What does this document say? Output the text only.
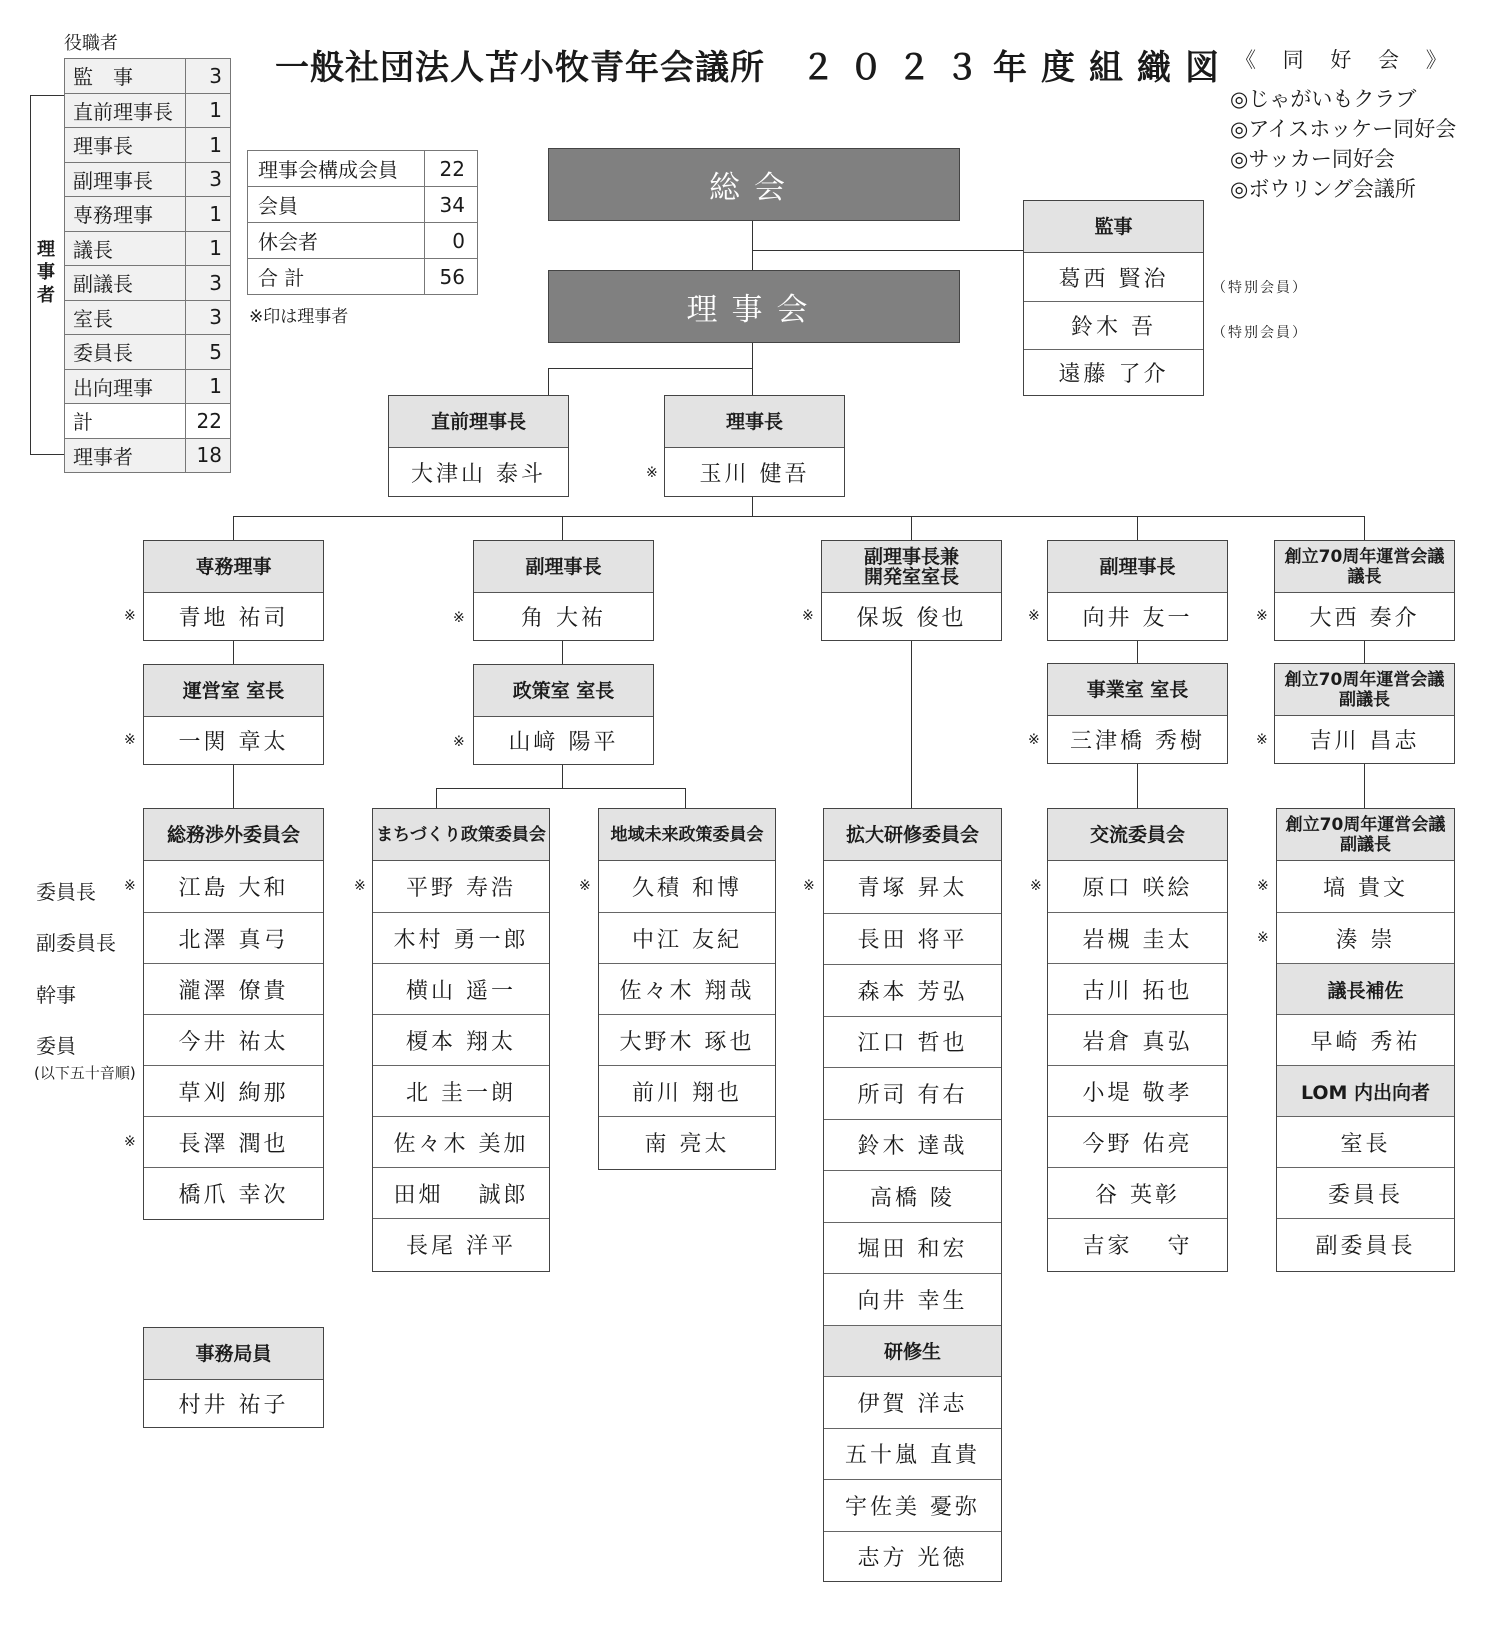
一般社団法人苫小牧青年会議所 ２０２３年度組織図 《 同 好 会 》
◎じゃがいもクラブ
◎アイスホッケー同好会
◎サッカー同好会
◎ボウリング会議所
役職者
監　事	3
直前理事長	1
理事長	1
副理事長	3
専務理事	1
議長	1
副議長	3
室長	3
委員長	5
出向理事	1
計	22
理事者	18
理事者
理事会構成会員	22
会員	34
休会者	0
合 計	56
※印は理事者
総会
理事会
監事
葛西 賢治
鈴木 吾
遠藤 了介
（特別会員）
（特別会員）
直前理事長
大津山 泰斗
理事長
玉川 健吾
※
専務理事
青地 祐司
副理事長
角 大祐
副理事長兼
開発室室長
保坂 俊也
副理事長
向井 友一
創立70周年運営会議
議長
大西 奏介
※	※	※	※	※
運営室 室長
一関 章太
政策室 室長
山﨑 陽平
事業室 室長
三津橋 秀樹
創立70周年運営会議
副議長
吉川 昌志
※	※	※	※
委員長
副委員長
幹事
委員
(以下五十音順)
総務渉外委員会
江島 大和
北澤 真弓
瀧澤 僚貴
今井 祐太
草刈 絢那
長澤 潤也
橋爪 幸次
まちづくり政策委員会
平野 寿浩
木村 勇一郎
横山 遥一
榎本 翔太
北 圭一朗
佐々木 美加
田畑　 誠郎
長尾 洋平
地域未来政策委員会
久積 和博
中江 友紀
佐々木 翔哉
大野木 琢也
前川 翔也
南 亮太
拡大研修委員会
青塚 昇太
長田 将平
森本 芳弘
江口 哲也
所司 有右
鈴木 達哉
高橋 陵
堀田 和宏
向井 幸生
研修生
伊賀 洋志
五十嵐 直貴
宇佐美 憂弥
志方 光徳
交流委員会
原口 咲絵
岩槻 圭太
古川 拓也
岩倉 真弘
小堤 敬孝
今野 佑亮
谷 英彰
吉家　 守
創立70周年運営会議
副議長
塙 貴文
湊 崇
議長補佐
早崎 秀祐
LOM 内出向者
室長
委員長
副委員長
※
※
※	※	※	※	※
※
事務局員
村井 祐子
